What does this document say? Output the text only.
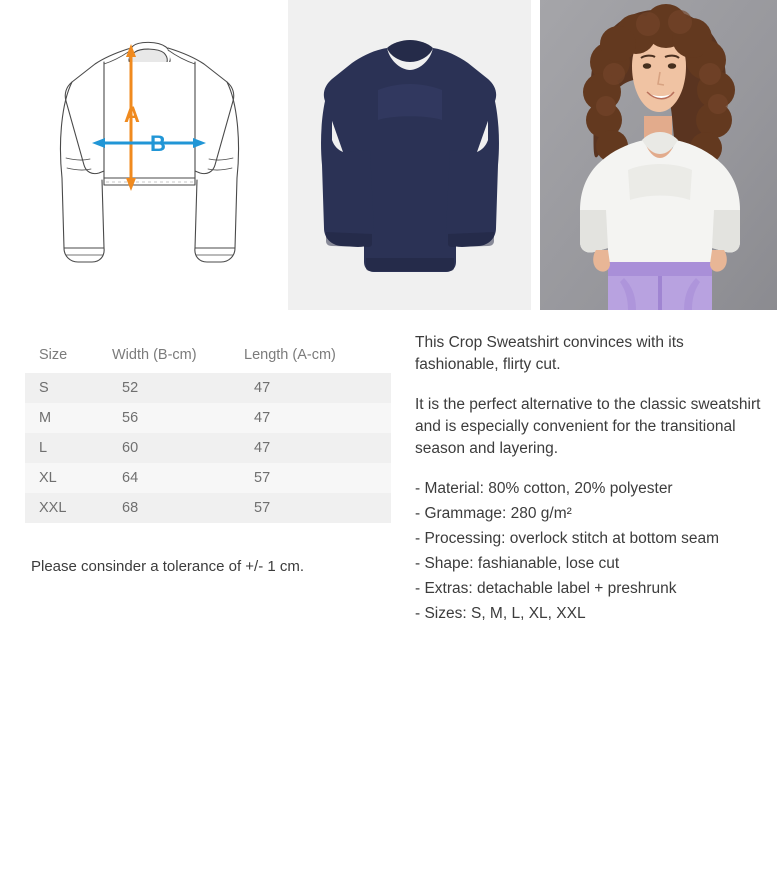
A
B
Size	Width (B-cm)	Length (A-cm)
S	52	47
M	56	47
L	60	47
XL	64	57
XXL	68	57
Please consinder a tolerance of +/- 1 cm.

This Crop Sweatshirt convinces with its fashionable, flirty cut.

It is the perfect alternative to the classic sweatshirt and is especially convenient for the transitional season and layering.

- Material: 80% cotton, 20% polyester
- Grammage: 280 g/m²
- Processing: overlock stitch at bottom seam
- Shape: fashianable, lose cut
- Extras: detachable label + preshrunk
- Sizes: S, M, L, XL, XXL
